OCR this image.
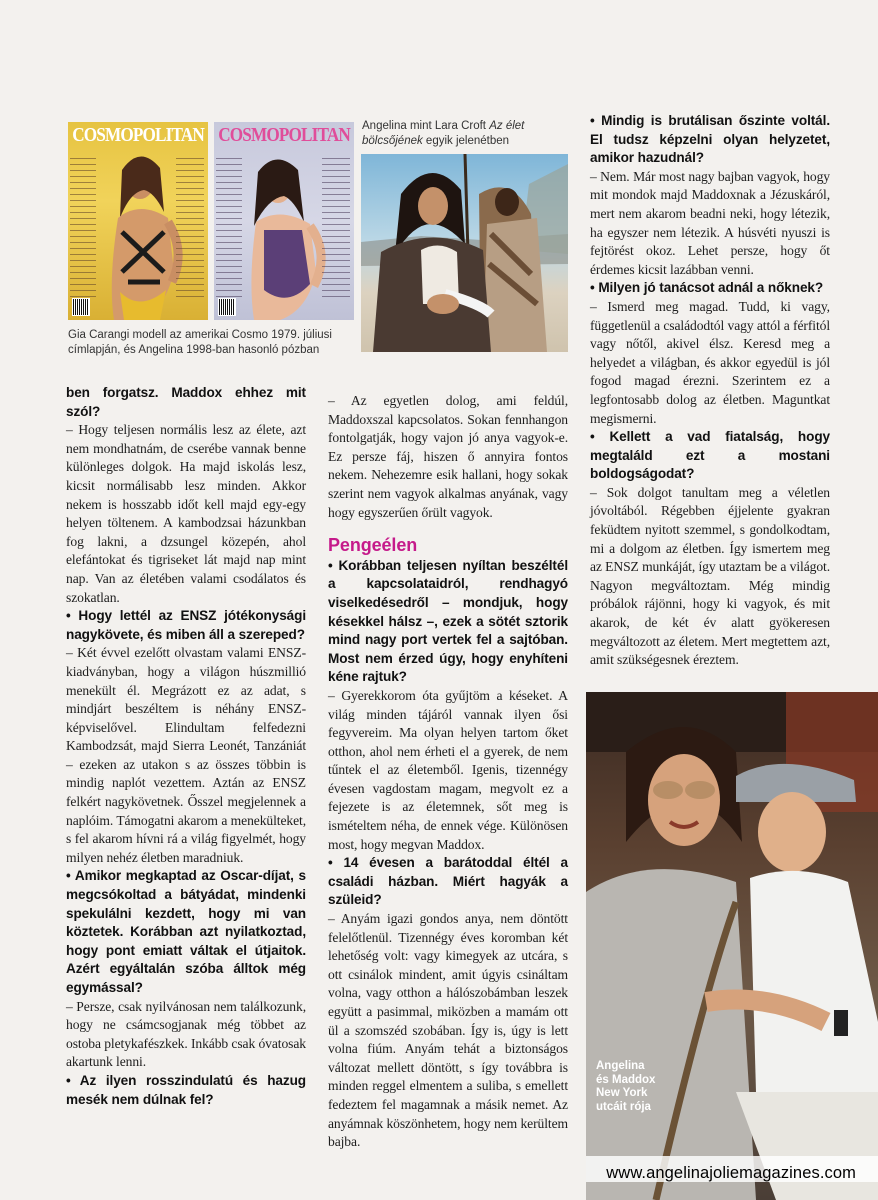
COSMOPOLITAN COSMOPOLITAN
Gia Carangi modell az amerikai Cosmo 1979. júliusi
címlapján, és Angelina 1998-ban hasonló pózban
Angelina mint Lara Croft Az élet
bölcsőjének egyik jelenétben

ben forgatsz. Maddox ehhez mit szól?

– Hogy teljesen normális lesz az élete, azt nem mondhatnám, de cserébe vannak benne különleges dolgok. Ha majd iskolás lesz, kicsit normálisabb lesz minden. Akkor nekem is hosszabb időt kell majd egy-egy helyen töltenem. A kambodzsai házunkban fog lakni, a dzsungel közepén, ahol elefántokat és tigriseket lát majd nap mint nap. Van az életében valami csodálatos és szokatlan.

• Hogy lettél az ENSZ jótékonysági nagykövete, és miben áll a szereped?

– Két évvel ezelőtt olvastam valami ENSZ-kiadványban, hogy a világon húszmillió menekült él. Megrázott ez az adat, s mindjárt beszéltem is néhány ENSZ-képviselővel. Elindultam felfedezni Kambodzsát, majd Sierra Leonét, Tanzániát – ezeken az utakon s az összes többin is mindig naplót vezettem. Aztán az ENSZ felkért nagykövetnek. Ősszel megjelennek a naplóim. Támogatni akarom a menekülteket, s fel akarom hívni rá a világ figyelmét, hogy milyen nehéz életben maradniuk.

• Amikor megkaptad az Oscar-díjat, s megcsókoltad a bátyádat, mindenki spekulálni kezdett, hogy mi van köztetek. Korábban azt nyilatkoztad, hogy pont emiatt váltak el útjaitok. Azért egyáltalán szóba álltok még egymással?

– Persze, csak nyilvánosan nem találkozunk, hogy ne csámcsogjanak még többet az ostoba pletykafészkek. Inkább csak óvatosak akartunk lenni.

• Az ilyen rosszindulatú és hazug mesék nem dúlnak fel?

– Az egyetlen dolog, ami feldúl, Maddoxszal kapcsolatos. Sokan fennhangon fontolgatják, hogy vajon jó anya vagyok-e. Ez persze fáj, hiszen ő annyira fontos nekem. Nehezemre esik hallani, hogy sokak szerint nem vagyok alkalmas anyának, vagy hogy egyszerűen őrült vagyok.

Pengeélen

• Korábban teljesen nyíltan beszéltél a kapcsolataidról, rendhagyó viselkedésedről – mondjuk, hogy késekkel hálsz –, ezek a sötét sztorik mind nagy port vertek fel a sajtóban. Most nem érzed úgy, hogy enyhíteni kéne rajtuk?

– Gyerekkorom óta gyűjtöm a késeket. A világ minden tájáról vannak ilyen ősi fegyvereim. Ma olyan helyen tartom őket otthon, ahol nem érheti el a gyerek, de nem tűntek el az életemből. Igenis, tizennégy évesen vagdostam magam, megvolt ez a fejezete is az életemnek, sőt meg is ismételtem néha, de ennek vége. Különösen most, hogy megvan Maddox.

• 14 évesen a barátoddal éltél a családi házban. Miért hagyák a szüleid?

– Anyám igazi gondos anya, nem döntött felelőtlenül. Tizennégy éves koromban két lehetőség volt: vagy kimegyek az utcára, s ott csinálok mindent, amit úgyis csináltam volna, vagy otthon a hálószobámban leszek együtt a pasimmal, miközben a mamám ott ül a szomszéd szobában. Így is, úgy is lett volna fiúm. Anyám tehát a biztonságos változat mellett döntött, s így továbbra is minden reggel elmentem a suliba, s emellett fedeztem fel magamnak a másik nemet. Az anyámnak köszönhetem, hogy nem kerültem bajba.

• Mindig is brutálisan őszinte voltál. El tudsz képzelni olyan helyzetet, amikor hazudnál?

– Nem. Már most nagy bajban vagyok, hogy mit mondok majd Maddoxnak a Jézuskáról, mert nem akarom beadni neki, hogy létezik, ha egyszer nem létezik. A húsvéti nyuszi is fejtörést okoz. Lehet persze, hogy őt érdemes kicsit lazábban venni.

• Milyen jó tanácsot adnál a nőknek?

– Ismerd meg magad. Tudd, ki vagy, függetlenül a családodtól vagy attól a férfitól vagy nőtől, akivel élsz. Keresd meg a helyedet a világban, és akkor egyedül is jól fogod magad érezni. Szerintem ez a legfontosabb dolog az életben. Maguntkat megismerni.

• Kellett a vad fiatalság, hogy megtaláld ezt a mostani boldogságodat?

– Sok dolgot tanultam meg a véletlen jóvoltából. Régebben éjjelente gyakran feküdtem nyitott szemmel, s gondolkodtam, mi a dolgom az életben. Így ismertem meg az ENSZ munkáját, így utaztam be a világot. Nagyon megváltoztam. Még mindig próbálok rájönni, hogy ki vagyok, és mit akarok, de két év alatt gyökeresen megváltozott az életem. Mert megtettem azt, amit szükségesnek éreztem.

Angelina
és Maddox
New York
utcáit rója
www.angelinajoliemagazines.com
